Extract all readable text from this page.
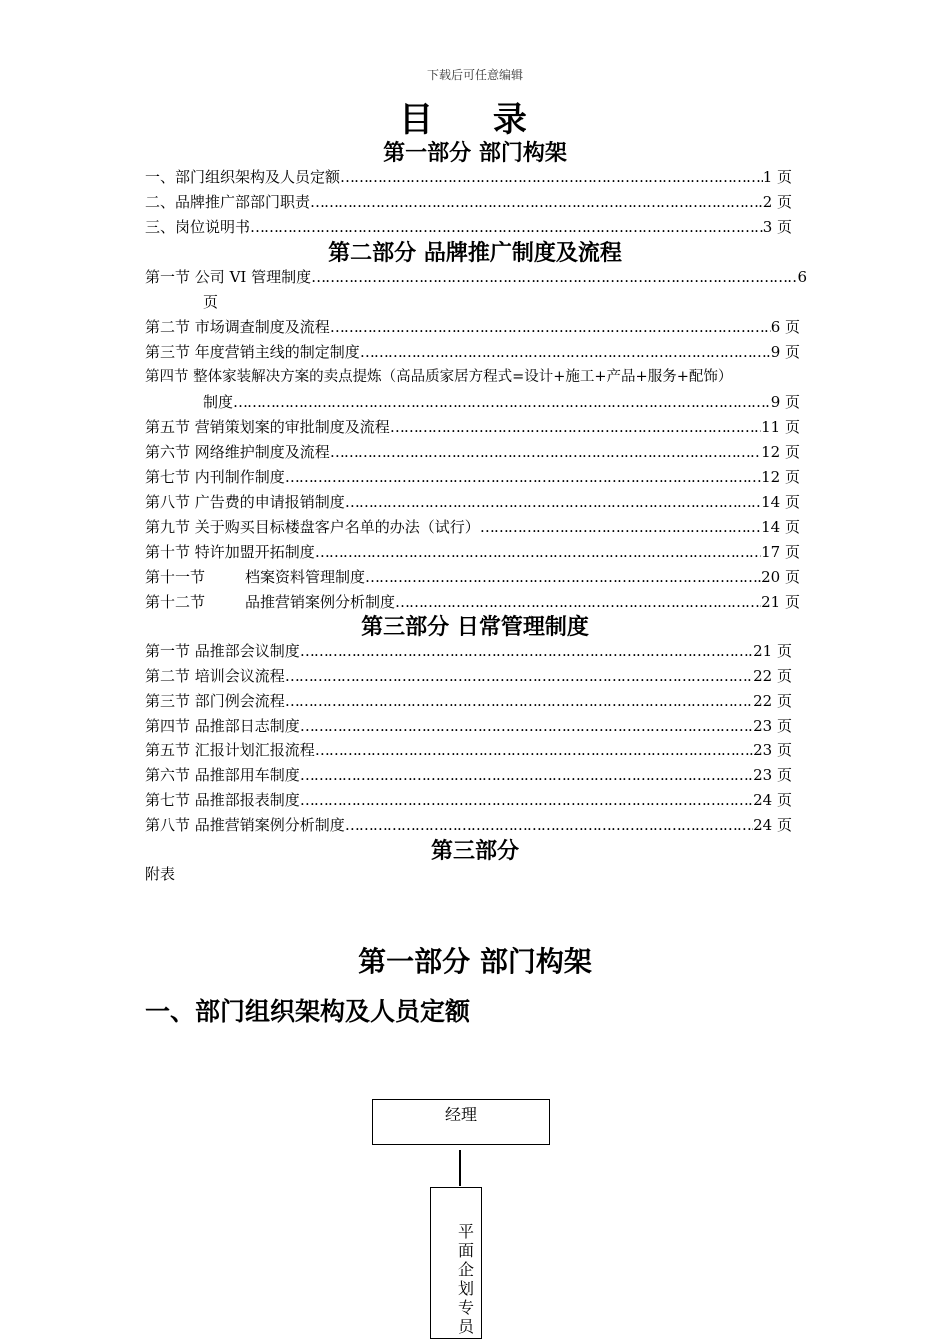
下载后可任意编辑
目 录
第一部分 部门构架
一、部门组织架构及人员定额 ……………………………………………………………………………………………………………………………………………………………………………………………………	1 页
二、品牌推广部部门职责 ……………………………………………………………………………………………………………………………………………………………………………………………………	2 页
三、岗位说明书 ……………………………………………………………………………………………………………………………………………………………………………………………………	3 页
第二部分 品牌推广制度及流程
第一节 公司 VI 管理制度 ……………………………………………………………………………………………………………………………………………………………………………………………………	6
页
第二节 市场调查制度及流程 ……………………………………………………………………………………………………………………………………………………………………………………………………	6 页
第三节 年度营销主线的制定制度 ……………………………………………………………………………………………………………………………………………………………………………………………………	9 页
第四节 整体家装解决方案的卖点提炼（高品质家居方程式=设计+施工+产品+服务+配饰）
制度 ……………………………………………………………………………………………………………………………………………………………………………………………………	9 页
第五节 营销策划案的审批制度及流程 ……………………………………………………………………………………………………………………………………………………………………………………………………	11 页
第六节 网络维护制度及流程 ……………………………………………………………………………………………………………………………………………………………………………………………………	12 页
第七节 内刊制作制度 ……………………………………………………………………………………………………………………………………………………………………………………………………	12 页
第八节 广告费的申请报销制度 ……………………………………………………………………………………………………………………………………………………………………………………………………	14 页
第九节 关于购买目标楼盘客户名单的办法（试行） ……………………………………………………………………………………………………………………………………………………………………………………………………	14 页
第十节 特许加盟开拓制度 ……………………………………………………………………………………………………………………………………………………………………………………………………	17 页
第十一节	档案资料管理制度 ……………………………………………………………………………………………………………………………………………………………………………………………………	20 页
第十二节	品推营销案例分析制度 ……………………………………………………………………………………………………………………………………………………………………………………………………	21 页
第三部分 日常管理制度
第一节 品推部会议制度 ……………………………………………………………………………………………………………………………………………………………………………………………………	21 页
第二节 培训会议流程 ……………………………………………………………………………………………………………………………………………………………………………………………………	22 页
第三节 部门例会流程 ……………………………………………………………………………………………………………………………………………………………………………………………………	22 页
第四节 品推部日志制度 ……………………………………………………………………………………………………………………………………………………………………………………………………	23 页
第五节 汇报计划汇报流程 ……………………………………………………………………………………………………………………………………………………………………………………………………	23 页
第六节 品推部用车制度 ……………………………………………………………………………………………………………………………………………………………………………………………………	23 页
第七节 品推部报表制度 ……………………………………………………………………………………………………………………………………………………………………………………………………	24 页
第八节 品推营销案例分析制度 ……………………………………………………………………………………………………………………………………………………………………………………………………	24 页
第三部分
附表
第一部分 部门构架
一、部门组织架构及人员定额
经理
平面企划专员
